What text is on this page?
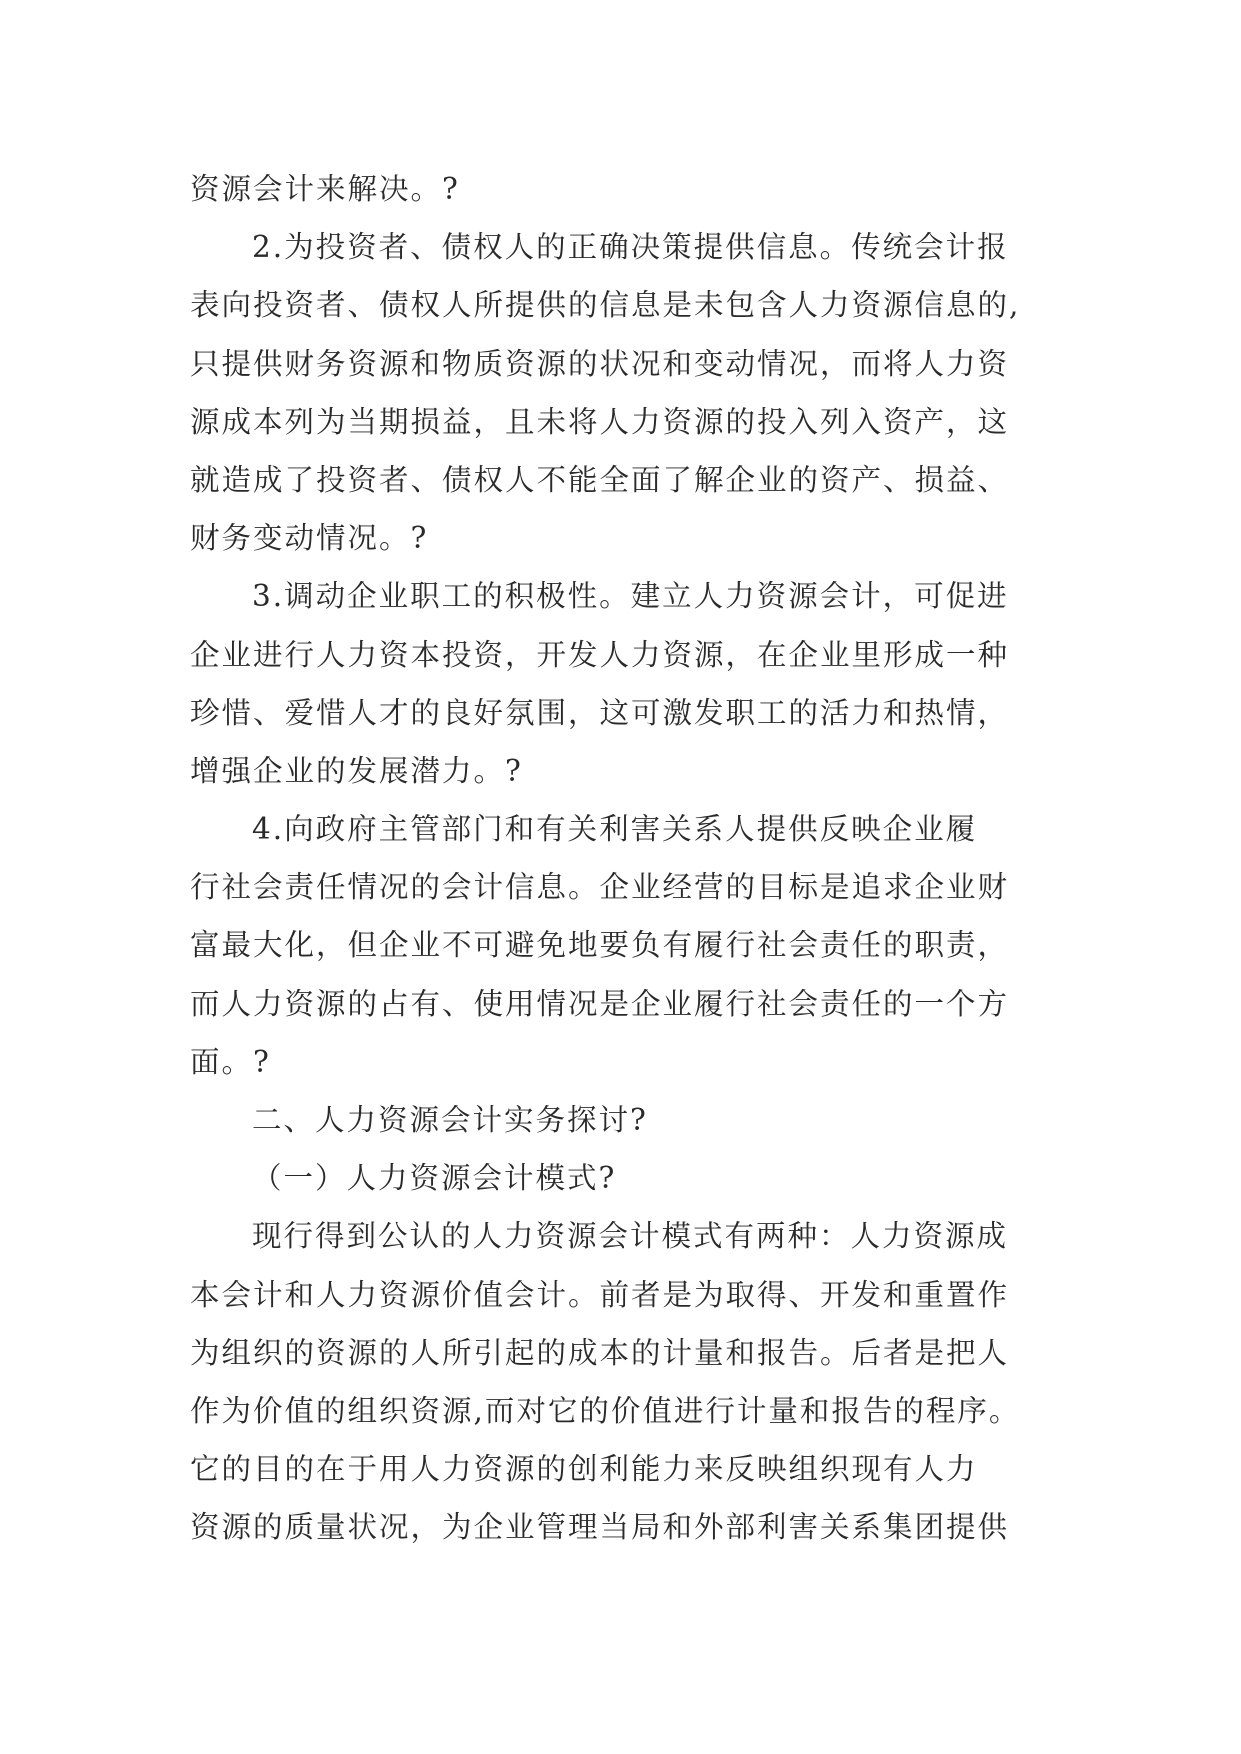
资源会计来解决。?
2.为投资者、债权人的正确决策提供信息。传统会计报
表向投资者、债权人所提供的信息是未包含人力资源信息的,
只提供财务资源和物质资源的状况和变动情况，而将人力资
源成本列为当期损益，且未将人力资源的投入列入资产，这
就造成了投资者、债权人不能全面了解企业的资产、损益、
财务变动情况。?
3.调动企业职工的积极性。建立人力资源会计，可促进
企业进行人力资本投资，开发人力资源，在企业里形成一种
珍惜、爱惜人才的良好氛围，这可激发职工的活力和热情，
增强企业的发展潜力。?
4.向政府主管部门和有关利害关系人提供反映企业履
行社会责任情况的会计信息。企业经营的目标是追求企业财
富最大化，但企业不可避免地要负有履行社会责任的职责，
而人力资源的占有、使用情况是企业履行社会责任的一个方
面。?
二、人力资源会计实务探讨?
（一）人力资源会计模式?
现行得到公认的人力资源会计模式有两种：人力资源成
本会计和人力资源价值会计。前者是为取得、开发和重置作
为组织的资源的人所引起的成本的计量和报告。后者是把人
作为价值的组织资源,而对它的价值进行计量和报告的程序。
它的目的在于用人力资源的创利能力来反映组织现有人力
资源的质量状况，为企业管理当局和外部利害关系集团提供
